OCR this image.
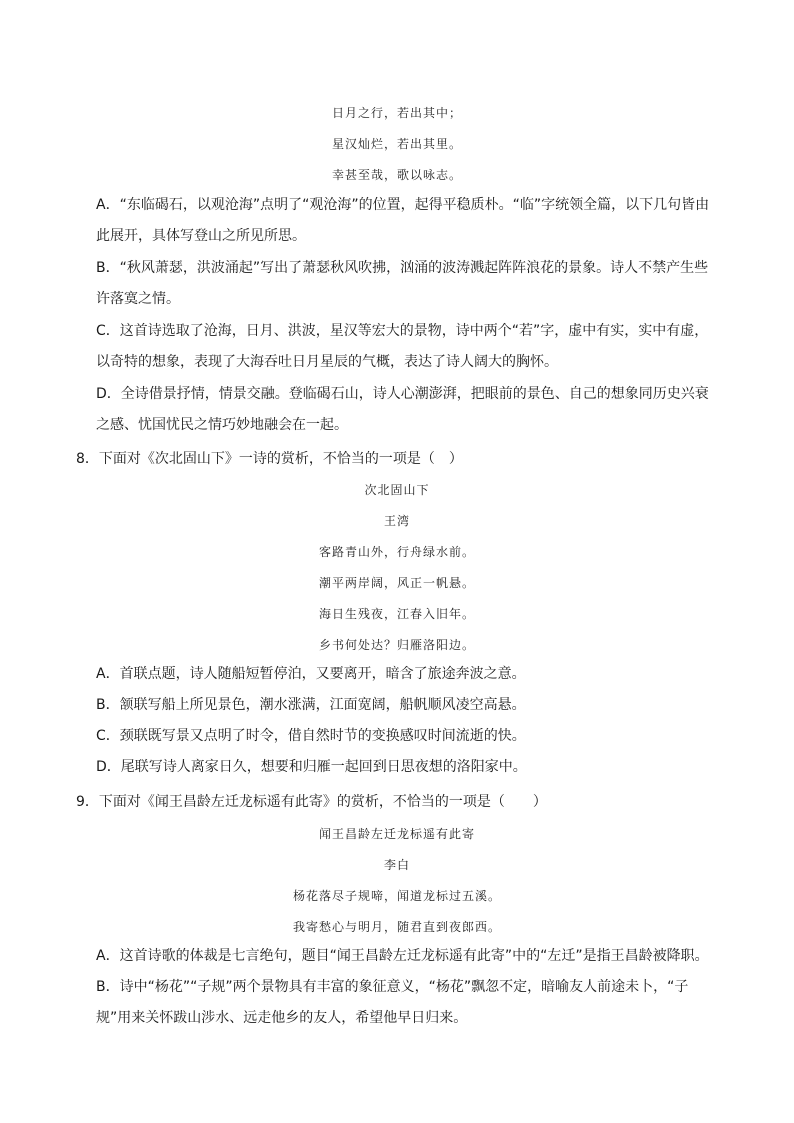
日月之行，若出其中；
星汉灿烂，若出其里。
幸甚至哉，歌以咏志。
A．“东临碣石，以观沧海”点明了“观沧海”的位置，起得平稳质朴。“临”字统领全篇，以下几句皆由此展开，具体写登山之所见所思。
B．“秋风萧瑟，洪波涌起”写出了萧瑟秋风吹拂，汹涌的波涛溅起阵阵浪花的景象。诗人不禁产生些许落寞之情。
C．这首诗选取了沧海，日月、洪波，星汉等宏大的景物，诗中两个“若”字，虚中有实，实中有虚，以奇特的想象，表现了大海吞吐日月星辰的气概，表达了诗人阔大的胸怀。
D．全诗借景抒情，情景交融。登临碣石山，诗人心潮澎湃，把眼前的景色、自己的想象同历史兴衰之感、忧国忧民之情巧妙地融会在一起。
8．下面对《次北固山下》一诗的赏析，不恰当的一项是（　）
次北固山下
王湾
客路青山外，行舟绿水前。
潮平两岸阔，风正一帆悬。
海日生残夜，江春入旧年。
乡书何处达？归雁洛阳边。
A．首联点题，诗人随船短暂停泊，又要离开，暗含了旅途奔波之意。
B．颔联写船上所见景色，潮水涨满，江面宽阔，船帆顺风凌空高悬。
C．颈联既写景又点明了时令，借自然时节的变换感叹时间流逝的快。
D．尾联写诗人离家日久，想要和归雁一起回到日思夜想的洛阳家中。
9．下面对《闻王昌龄左迁龙标遥有此寄》的赏析，不恰当的一项是（　　）
闻王昌龄左迁龙标遥有此寄
李白
杨花落尽子规啼，闻道龙标过五溪。
我寄愁心与明月，随君直到夜郎西。
A．这首诗歌的体裁是七言绝句，题目“闻王昌龄左迁龙标遥有此寄”中的“左迁”是指王昌龄被降职。
B．诗中“杨花”“子规”两个景物具有丰富的象征意义，“杨花”飘忽不定，暗喻友人前途未卜，“子规”用来关怀跋山涉水、远走他乡的友人，希望他早日归来。
